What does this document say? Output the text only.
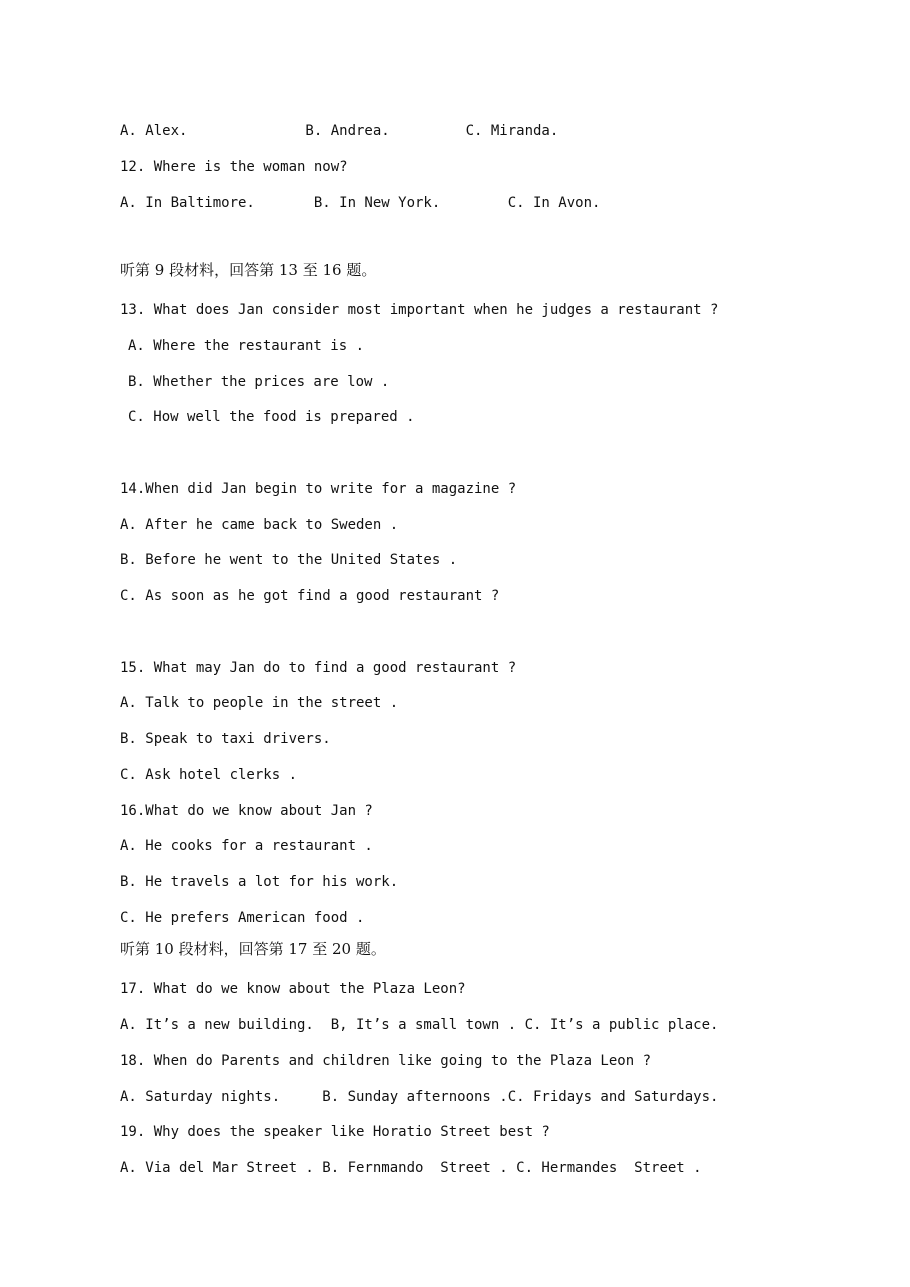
A. Alex.              B. Andrea.         C. Miranda.
12. Where is the woman now?
A. In Baltimore.       B. In New York.        C. In Avon.
听第 9 段材料，回答第 13 至 16 题。
13. What does Jan consider most important when he judges a restaurant ?
A. Where the restaurant is .
B. Whether the prices are low .
C. How well the food is prepared .
14.When did Jan begin to write for a magazine ?
A. After he came back to Sweden .
B. Before he went to the United States .
C. As soon as he got find a good restaurant ?
15. What may Jan do to find a good restaurant ?
A. Talk to people in the street .
B. Speak to taxi drivers.
C. Ask hotel clerks .
16.What do we know about Jan ?
A. He cooks for a restaurant .
B. He travels a lot for his work.
C. He prefers American food .
听第 10 段材料，回答第 17 至 20 题。
17. What do we know about the Plaza Leon?
A. It’s a new building.  B, It’s a small town . C. It’s a public place.
18. When do Parents and children like going to the Plaza Leon ?
A. Saturday nights.     B. Sunday afternoons .C. Fridays and Saturdays.
19. Why does the speaker like Horatio Street best ?
A. Via del Mar Street . B. Fernmando  Street . C. Hermandes  Street .
